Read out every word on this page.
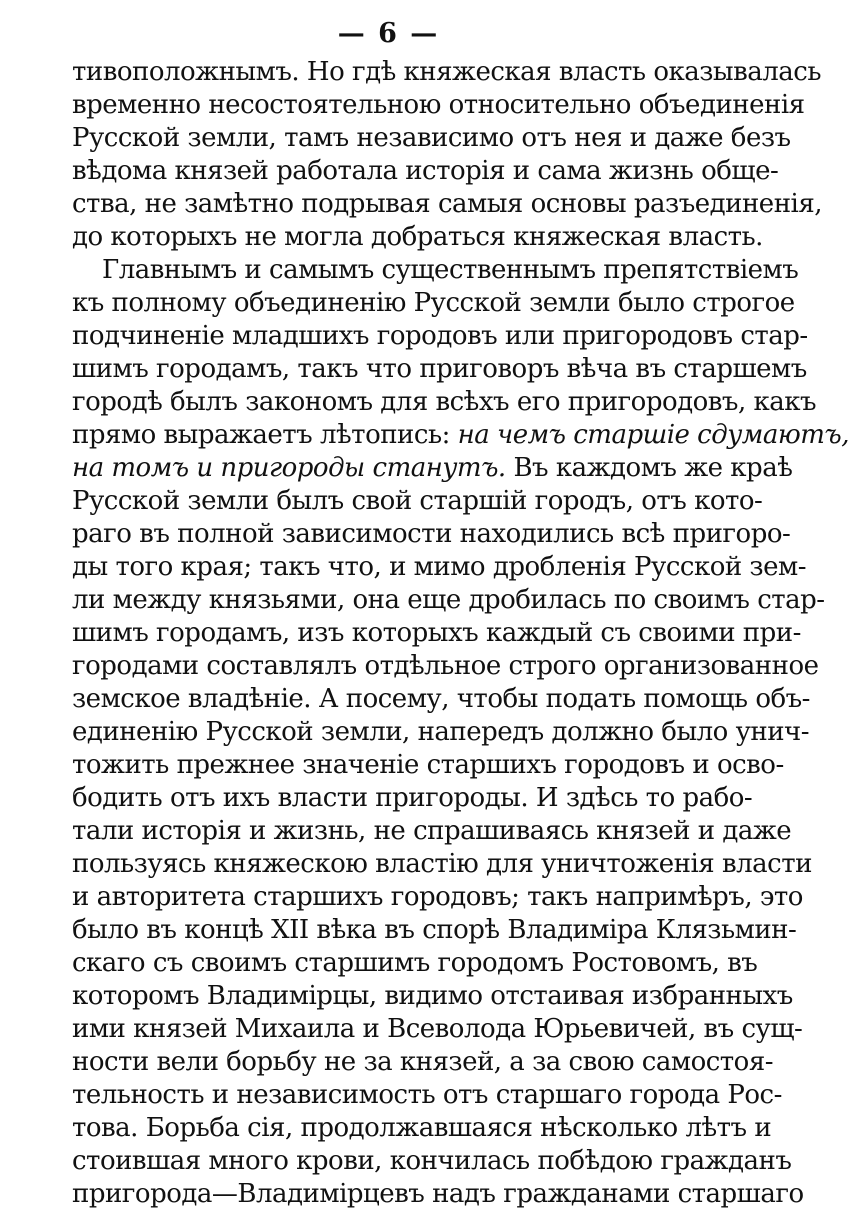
— 6 —
тивоположнымъ. Но гдѣ княжеская власть оказывалась
временно несостоятельною относительно объединенія
Русской земли, тамъ независимо отъ нея и даже безъ
вѣдома князей работала исторія и сама жизнь обще-
ства, не замѣтно подрывая самыя основы разъединенія,
до которыхъ не могла добраться княжеская власть.
Главнымъ и самымъ существеннымъ препятствіемъ
къ полному объединенію Русской земли было строгое
подчиненіе младшихъ городовъ или пригородовъ стар-
шимъ городамъ, такъ что приговоръ вѣча въ старшемъ
городѣ былъ закономъ для всѣхъ его пригородовъ, какъ
прямо выражаетъ лѣтопись: на чемъ старшіе сдумаютъ,
на томъ и пригороды станутъ. Въ каждомъ же краѣ
Русской земли былъ свой старшій городъ, отъ кото-
раго въ полной зависимости находились всѣ пригоро-
ды того края; такъ что, и мимо дробленія Русской зем-
ли между князьями, она еще дробилась по своимъ стар-
шимъ городамъ, изъ которыхъ каждый съ своими при-
городами составлялъ отдѣльное строго организованное
земское владѣніе. А посему, чтобы подать помощь объ-
единенію Русской земли, напередъ должно было унич-
тожить прежнее значеніе старшихъ городовъ и осво-
бодить отъ ихъ власти пригороды. И здѣсь то рабо-
тали исторія и жизнь, не спрашиваясь князей и даже
пользуясь княжескою властію для уничтоженія власти
и авторитета старшихъ городовъ; такъ напримѣръ, это
было въ концѣ XII вѣка въ спорѣ Владиміра Клязьмин-
скаго съ своимъ старшимъ городомъ Ростовомъ, въ
которомъ Владимірцы, видимо отстаивая избранныхъ
ими князей Михаила и Всеволода Юрьевичей, въ сущ-
ности вели борьбу не за князей, а за свою самостоя-
тельность и независимость отъ старшаго города Рос-
това. Борьба сія, продолжавшаяся нѣсколько лѣтъ и
стоившая много крови, кончилась побѣдою гражданъ
пригорода—Владимірцевъ надъ гражданами старшаго
